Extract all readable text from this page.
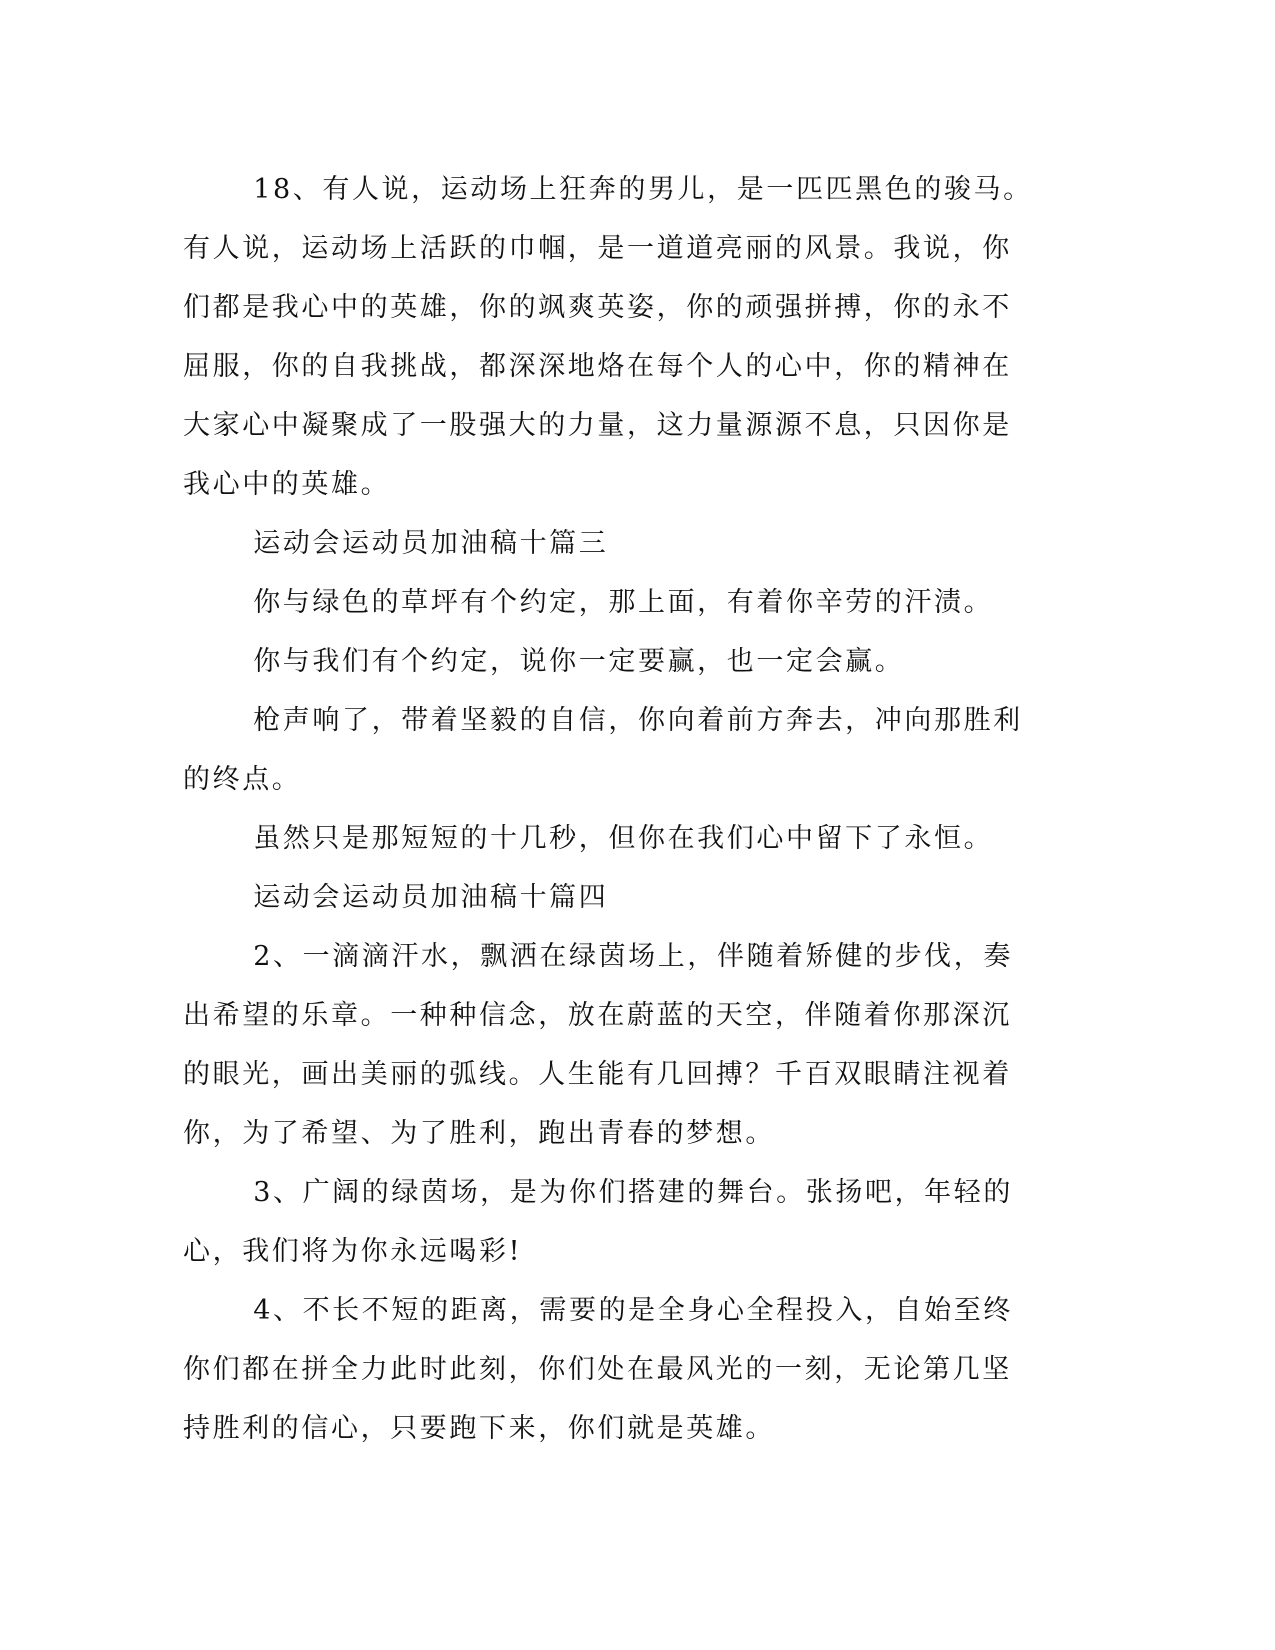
18、有人说，运动场上狂奔的男儿，是一匹匹黑色的骏马。有人说，运动场上活跃的巾帼，是一道道亮丽的风景。我说，你们都是我心中的英雄，你的飒爽英姿，你的顽强拼搏，你的永不屈服，你的自我挑战，都深深地烙在每个人的心中，你的精神在大家心中凝聚成了一股强大的力量，这力量源源不息，只因你是我心中的英雄。

运动会运动员加油稿十篇三

你与绿色的草坪有个约定，那上面，有着你辛劳的汗渍。

你与我们有个约定，说你一定要赢，也一定会赢。

枪声响了，带着坚毅的自信，你向着前方奔去，冲向那胜利的终点。

虽然只是那短短的十几秒，但你在我们心中留下了永恒。

运动会运动员加油稿十篇四

2、一滴滴汗水，飘洒在绿茵场上，伴随着矫健的步伐，奏出希望的乐章。一种种信念，放在蔚蓝的天空，伴随着你那深沉的眼光，画出美丽的弧线。人生能有几回搏？千百双眼睛注视着你，为了希望、为了胜利，跑出青春的梦想。

3、广阔的绿茵场，是为你们搭建的舞台。张扬吧，年轻的心，我们将为你永远喝彩!

4、不长不短的距离，需要的是全身心全程投入，自始至终你们都在拼全力此时此刻，你们处在最风光的一刻，无论第几坚持胜利的信心，只要跑下来，你们就是英雄。
